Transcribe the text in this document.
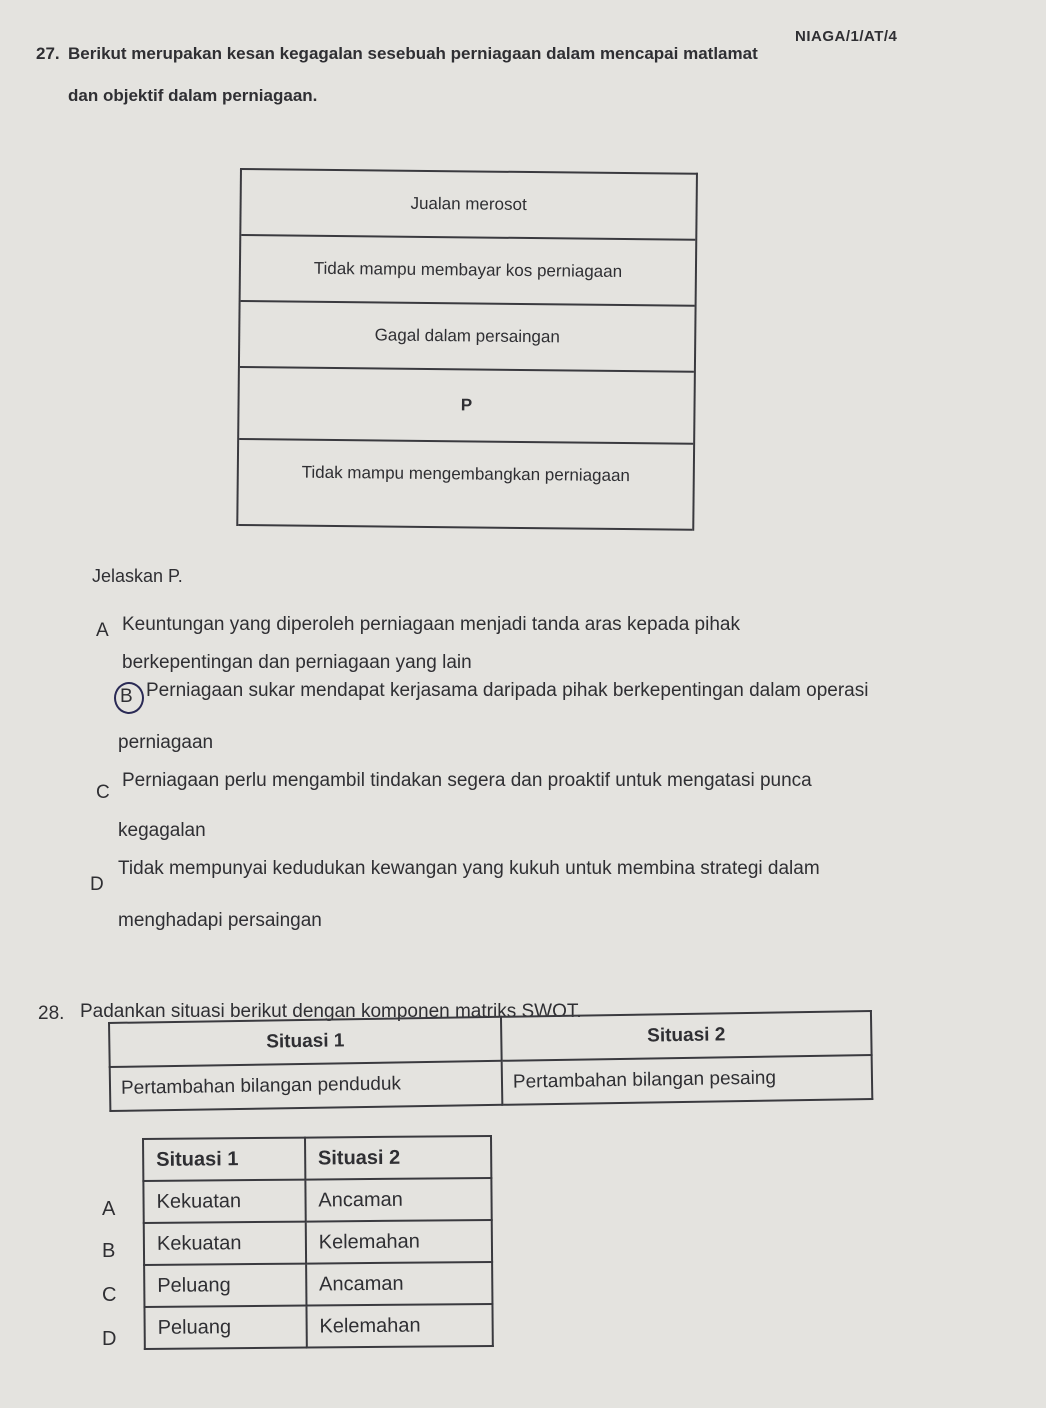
NIAGA/1/AT/4
27. Berikut merupakan kesan kegagalan sesebuah perniagaan dalam mencapai matlamat
dan objektif dalam perniagaan.
Jualan merosot
Tidak mampu membayar kos perniagaan
Gagal dalam persaingan
P
Tidak mampu mengembangkan perniagaan
Jelaskan P.
A Keuntungan yang diperoleh perniagaan menjadi tanda aras kepada pihak
berkepentingan dan perniagaan yang lain
B Perniagaan sukar mendapat kerjasama daripada pihak berkepentingan dalam operasi
perniagaan
C
Perniagaan perlu mengambil tindakan segera dan proaktif untuk mengatasi punca
kegagalan
D
Tidak mempunyai kedudukan kewangan yang kukuh untuk membina strategi dalam
menghadapi persaingan
28. Padankan situasi berikut dengan komponen matriks SWOT.
Situasi 1	Situasi 2
Pertambahan bilangan penduduk	Pertambahan bilangan pesaing
A
B
C
D
Situasi 1	Situasi 2
Kekuatan	Ancaman
Kekuatan	Kelemahan
Peluang	Ancaman
Peluang	Kelemahan
